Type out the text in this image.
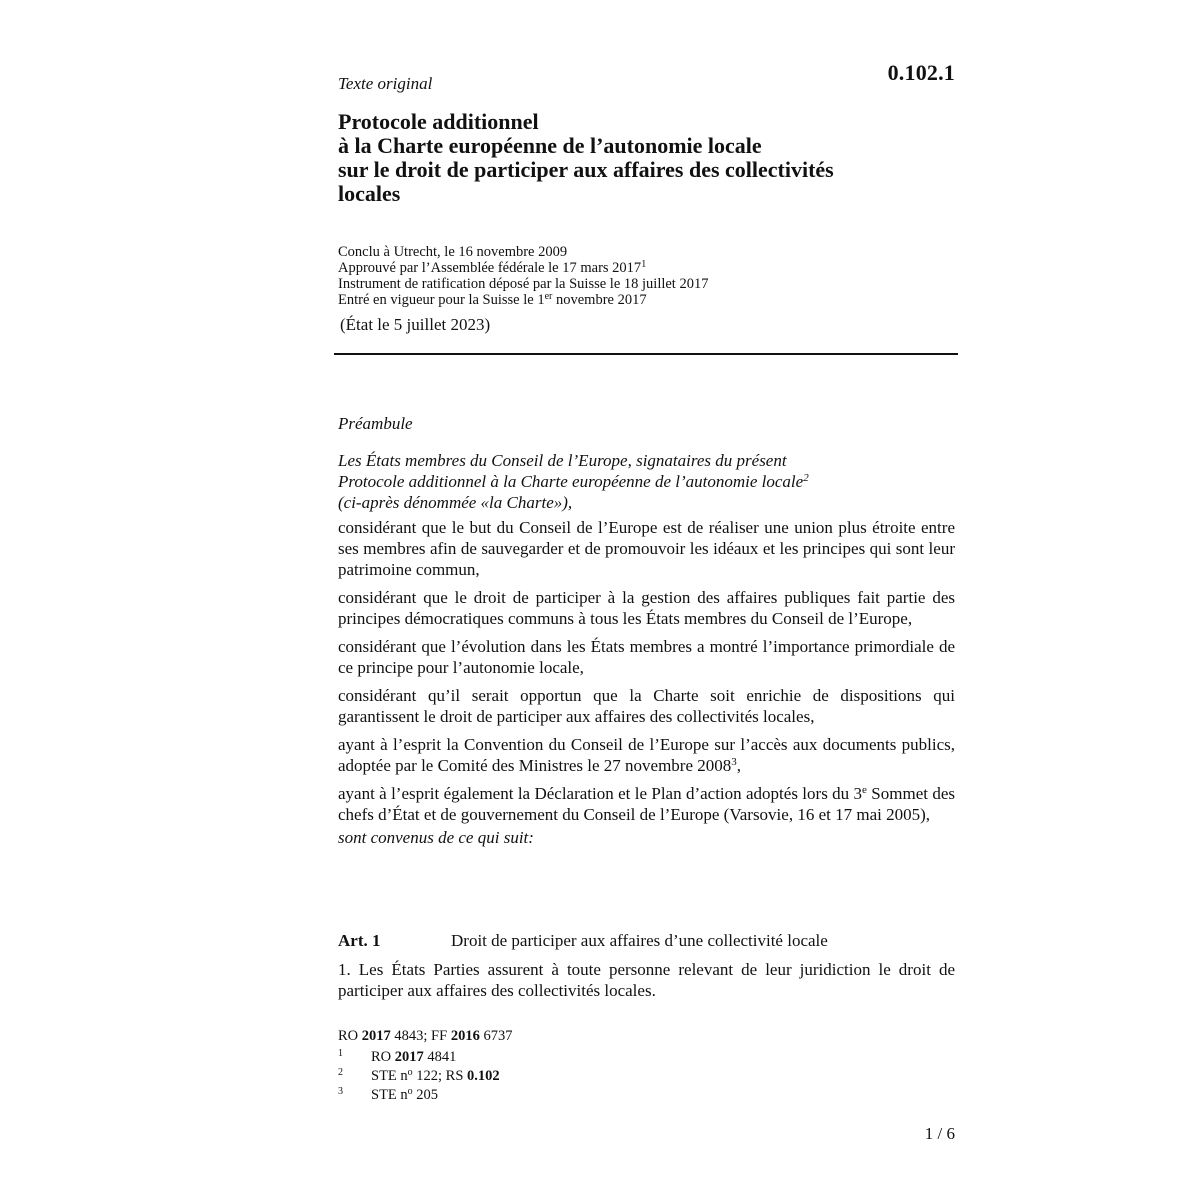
0.102.1
Texte original
Protocole additionnel
à la Charte européenne de l’autonomie locale
sur le droit de participer aux affaires des collectivités
locales
Conclu à Utrecht, le 16 novembre 2009
Approuvé par l’Assemblée fédérale le 17 mars 2017$^1$
Instrument de ratification déposé par la Suisse le 18 juillet 2017
Entré en vigueur pour la Suisse le 1er novembre 2017
(État le 5 juillet 2023)
Préambule

Les États membres du Conseil de l’Europe, signataires du présent
Protocole additionnel à la Charte européenne de l’autonomie locale$^2$
(ci-après dénommée «la Charte»),

considérant que le but du Conseil de l’Europe est de réaliser une union plus étroite entre ses membres afin de sauvegarder et de promouvoir les idéaux et les principes qui sont leur patrimoine commun,

considérant que le droit de participer à la gestion des affaires publiques fait partie des principes démocratiques communs à tous les États membres du Conseil de l’Europe,

considérant que l’évolution dans les États membres a montré l’importance primordiale de ce principe pour l’autonomie locale,

considérant qu’il serait opportun que la Charte soit enrichie de dispositions qui garantissent le droit de participer aux affaires des collectivités locales,

ayant à l’esprit la Convention du Conseil de l’Europe sur l’accès aux documents publics, adoptée par le Comité des Ministres le 27 novembre 2008$^3$,

ayant à l’esprit également la Déclaration et le Plan d’action adoptés lors du 3e Sommet des chefs d’État et de gouvernement du Conseil de l’Europe (Varsovie, 16 et 17 mai 2005),

sont convenus de ce qui suit:

Art. 1	Droit de participer aux affaires d’une collectivité locale
1. Les États Parties assurent à toute personne relevant de leur juridiction le droit de participer aux affaires des collectivités locales.
RO 2017 4843; FF 2016 6737
1 RO 2017 4841
2 STE $n^o$ 122; RS 0.102
3 STE $n^o$ 205
1 / 6
